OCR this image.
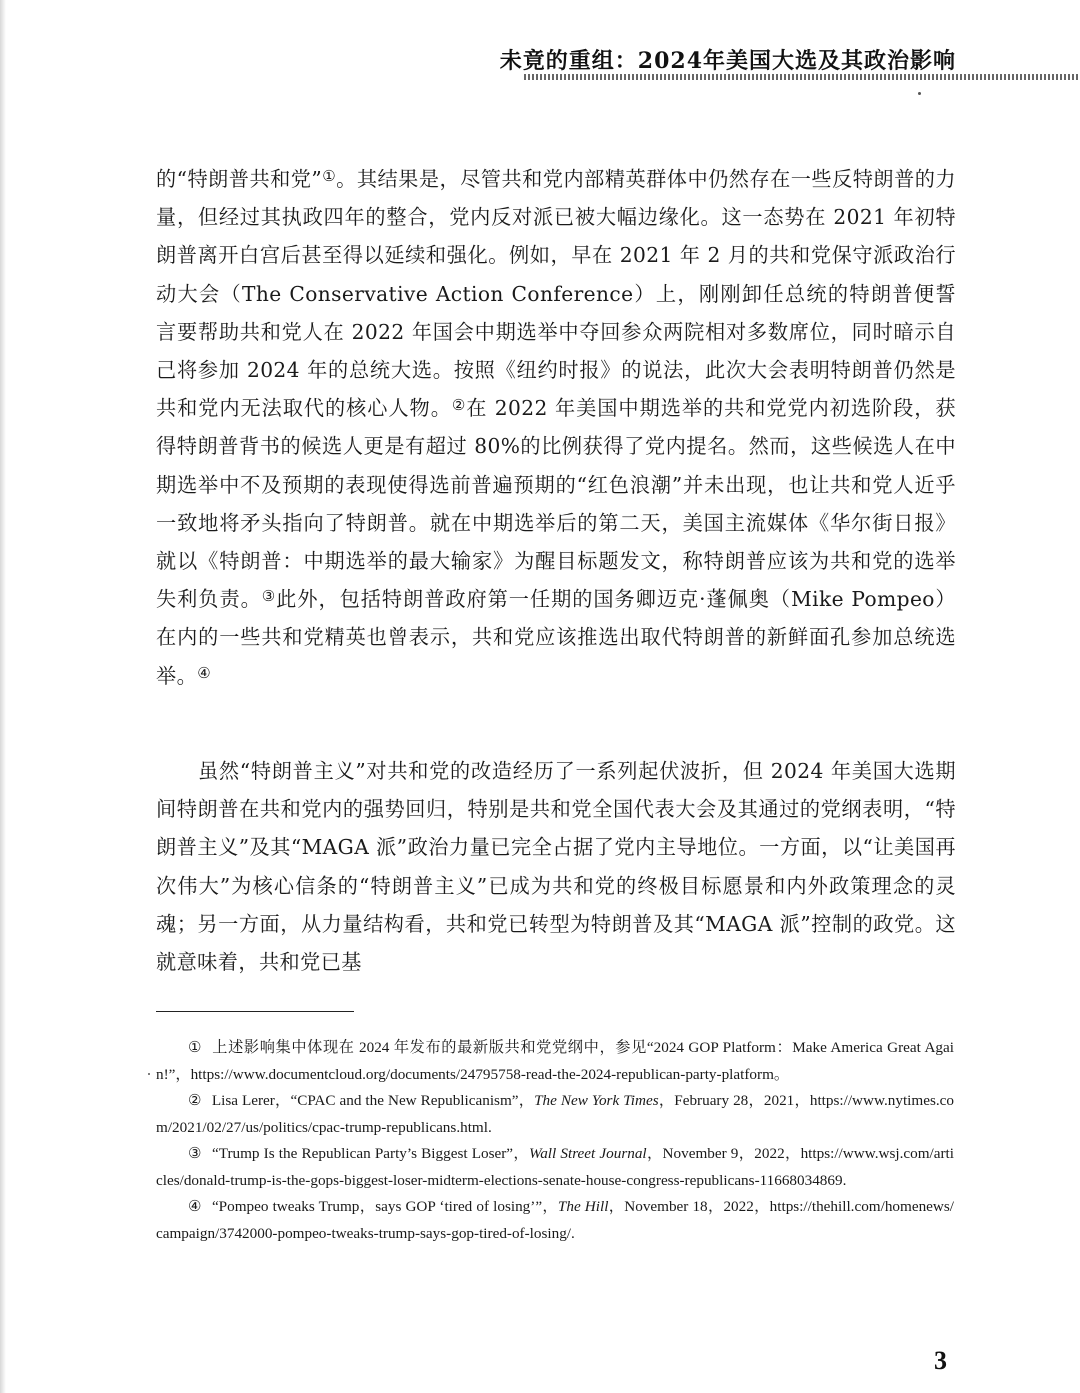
未竟的重组：2024年美国大选及其政治影响
的“特朗普共和党”①。其结果是，尽管共和党内部精英群体中仍然存在一些反特朗普的力量，但经过其执政四年的整合，党内反对派已被大幅边缘化。这一态势在 2021 年初特朗普离开白宫后甚至得以延续和强化。例如，早在 2021 年 2 月的共和党保守派政治行动大会（The Conservative Action Conference）上，刚刚卸任总统的特朗普便誓言要帮助共和党人在 2022 年国会中期选举中夺回参众两院相对多数席位，同时暗示自己将参加 2024 年的总统大选。按照《纽约时报》的说法，此次大会表明特朗普仍然是共和党内无法取代的核心人物。②在 2022 年美国中期选举的共和党党内初选阶段，获得特朗普背书的候选人更是有超过 80%的比例获得了党内提名。然而，这些候选人在中期选举中不及预期的表现使得选前普遍预期的“红色浪潮”并未出现，也让共和党人近乎一致地将矛头指向了特朗普。就在中期选举后的第二天，美国主流媒体《华尔街日报》就以《特朗普：中期选举的最大输家》为醒目标题发文，称特朗普应该为共和党的选举失利负责。③此外，包括特朗普政府第一任期的国务卿迈克·蓬佩奥（Mike Pompeo）在内的一些共和党精英也曾表示，共和党应该推选出取代特朗普的新鲜面孔参加总统选举。④
虽然“特朗普主义”对共和党的改造经历了一系列起伏波折，但 2024 年美国大选期间特朗普在共和党内的强势回归，特别是共和党全国代表大会及其通过的党纲表明，“特朗普主义”及其“MAGA 派”政治力量已完全占据了党内主导地位。一方面，以“让美国再次伟大”为核心信条的“特朗普主义”已成为共和党的终极目标愿景和内外政策理念的灵魂；另一方面，从力量结构看，共和党已转型为特朗普及其“MAGA 派”控制的政党。这就意味着，共和党已基
① 上述影响集中体现在 2024 年发布的最新版共和党党纲中，参见“2024 GOP Platform：Make America Great Again!”，https://www.documentcloud.org/documents/24795758-read-the-2024-republican-party-platform。
② Lisa Lerer，“CPAC and the New Republicanism”，The New York Times，February 28，2021，https://www.nytimes.com/2021/02/27/us/politics/cpac-trump-republicans.html.
③ “Trump Is the Republican Party’s Biggest Loser”，Wall Street Journal，November 9，2022，https://www.wsj.com/articles/donald-trump-is-the-gops-biggest-loser-midterm-elections-senate-house-congress-republicans-11668034869.
④ “Pompeo tweaks Trump，says GOP ‘tired of losing’”，The Hill，November 18，2022，https://thehill.com/homenews/campaign/3742000-pompeo-tweaks-trump-says-gop-tired-of-losing/.
3
